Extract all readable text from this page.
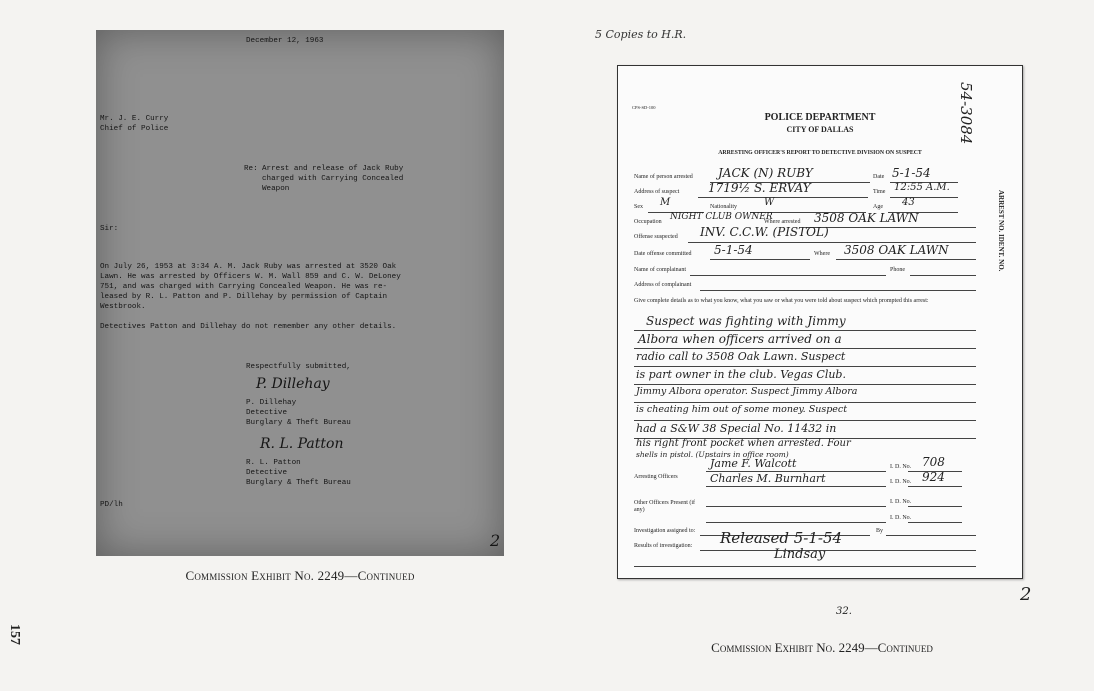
December 12, 1963
Mr. J. E. Curry
Chief of Police
Re: Arrest and release of Jack Ruby
charged with Carrying Concealed
Weapon
Sir:
On July 26, 1953 at 3:34 A. M. Jack Ruby was arrested at 3520 Oak
Lawn. He was arrested by Officers W. M. Wall 859 and C. W. DeLoney
751, and was charged with Carrying Concealed Weapon. He was re-
leased by R. L. Patton and P. Dillehay by permission of Captain
Westbrook.
Detectives Patton and Dillehay do not remember any other details.
Respectfully submitted,
P. Dillehay
P. Dillehay
Detective
Burglary & Theft Bureau
R. L. Patton
R. L. Patton
Detective
Burglary & Theft Bureau
PD/lh
2
Commission Exhibit No. 2249—Continued
157
5 Copies to H.R.
CPS-SD-100
POLICE DEPARTMENT
CITY OF DALLAS
ARRESTING OFFICER'S REPORT TO DETECTIVE DIVISION ON SUSPECT
Name of person arrested JACK (N) RUBY	Date 5-1-54
Address of suspect 1719½ S. ERVAY	Time 12:55 A.M.
Sex M	Nationality	W	Age 43
Occupation NIGHT CLUB OWNER
Where arrested 3508 OAK LAWN
Offense suspected INV. C.C.W. (PISTOL)
Date offense committed 5-1-54	Where 3508 OAK LAWN
Name of complainant	Phone
Address of complainant
Give complete details as to what you know, what you saw or what you were told about suspect which prompted this arrest:
Suspect was fighting with Jimmy
Albora when officers arrived on a
radio call to 3508 Oak Lawn. Suspect
is part owner in the club. Vegas Club.
Jimmy Albora operator. Suspect Jimmy Albora
is cheating him out of some money. Suspect
had a S&W 38 Special No. 11432 in
his right front pocket when arrested. Four
shells in pistol. (Upstairs in office room)
Arresting Officers
Jame F. Walcott	I. D. No. 708
Charles M. Burnhart	I. D. No. 924
Other Officers Present (if any)
I. D. No.
I. D. No.
Investigation assigned to:	By
Results of investigation: Released 5-1-54
Lindsay
54-3084
ARREST NO. IDENT. NO.
32.
2
Commission Exhibit No. 2249—Continued
